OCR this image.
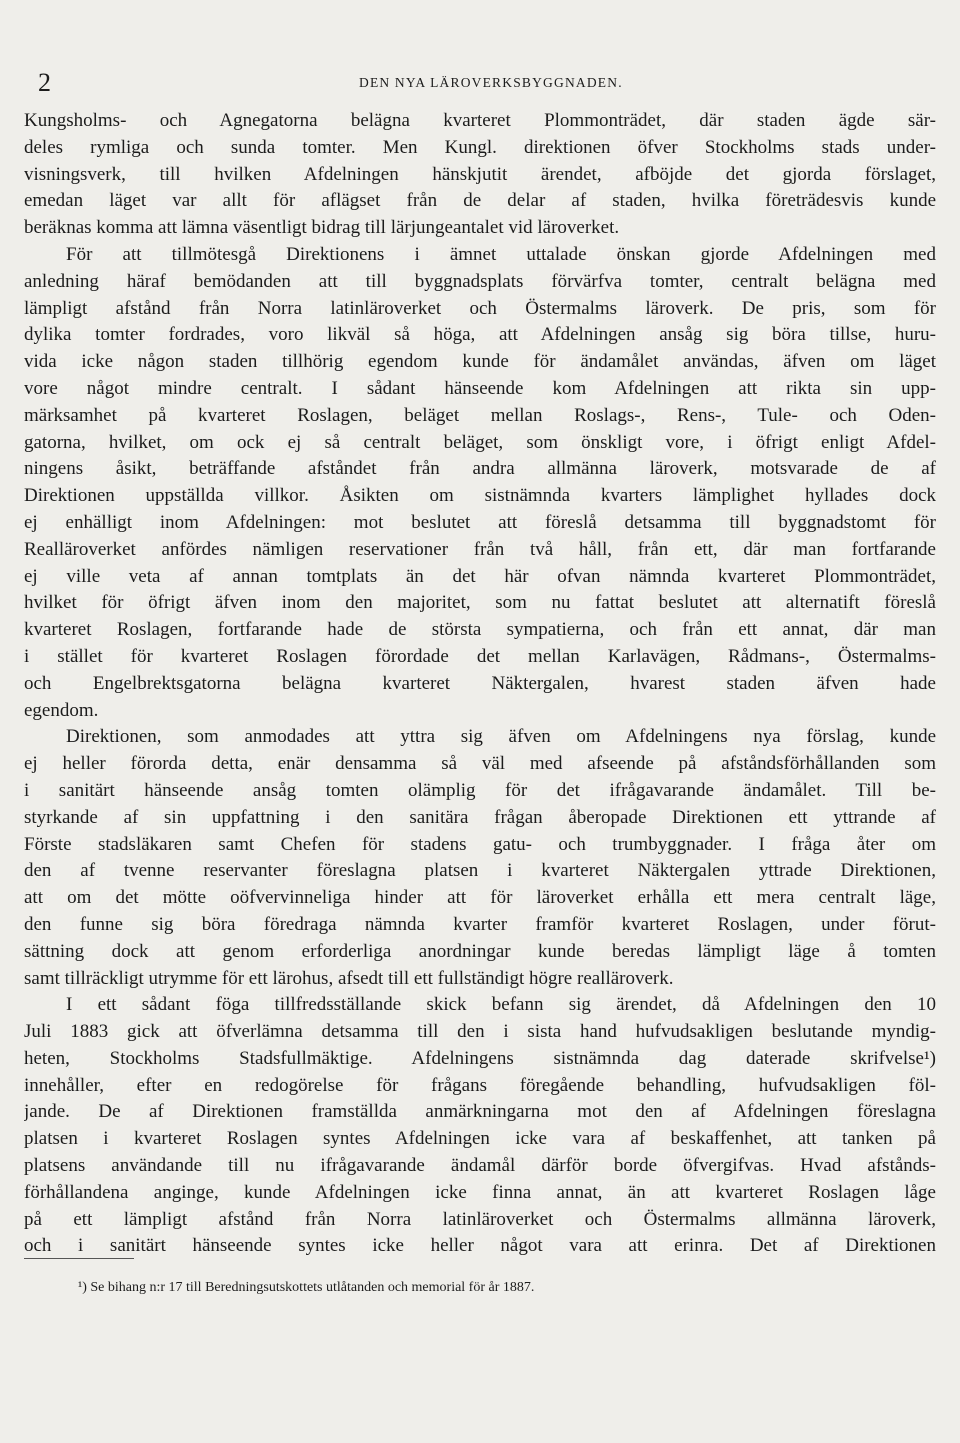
2	DEN NYA LÄROVERKSBYGGNADEN.
Kungsholms- och Agnegatorna belägna kvarteret Plommonträdet, där staden ägde sär-
deles rymliga och sunda tomter. Men Kungl. direktionen öfver Stockholms stads under-
visningsverk, till hvilken Afdelningen hänskjutit ärendet, afböjde det gjorda förslaget,
emedan läget var allt för aflägset från de delar af staden, hvilka företrädesvis kunde
beräknas komma att lämna väsentligt bidrag till lärjungeantalet vid läroverket.
För att tillmötesgå Direktionens i ämnet uttalade önskan gjorde Afdelningen med
anledning häraf bemödanden att till byggnadsplats förvärfva tomter, centralt belägna med
lämpligt afstånd från Norra latinläroverket och Östermalms läroverk. De pris, som för
dylika tomter fordrades, voro likväl så höga, att Afdelningen ansåg sig böra tillse, huru-
vida icke någon staden tillhörig egendom kunde för ändamålet användas, äfven om läget
vore något mindre centralt. I sådant hänseende kom Afdelningen att rikta sin upp-
märksamhet på kvarteret Roslagen, beläget mellan Roslags-, Rens-, Tule- och Oden-
gatorna, hvilket, om ock ej så centralt beläget, som önskligt vore, i öfrigt enligt Afdel-
ningens åsikt, beträffande afståndet från andra allmänna läroverk, motsvarade de af
Direktionen uppställda villkor. Åsikten om sistnämnda kvarters lämplighet hyllades dock
ej enhälligt inom Afdelningen: mot beslutet att föreslå detsamma till byggnadstomt för
Realläroverket anfördes nämligen reservationer från två håll, från ett, där man fortfarande
ej ville veta af annan tomtplats än det här ofvan nämnda kvarteret Plommonträdet,
hvilket för öfrigt äfven inom den majoritet, som nu fattat beslutet att alternatift föreslå
kvarteret Roslagen, fortfarande hade de största sympatierna, och från ett annat, där man
i stället för kvarteret Roslagen förordade det mellan Karlavägen, Rådmans-, Östermalms-
och Engelbrektsgatorna belägna kvarteret Näktergalen, hvarest staden äfven hade
egendom.
Direktionen, som anmodades att yttra sig äfven om Afdelningens nya förslag, kunde
ej heller förorda detta, enär densamma så väl med afseende på afståndsförhållanden som
i sanitärt hänseende ansåg tomten olämplig för det ifrågavarande ändamålet. Till be-
styrkande af sin uppfattning i den sanitära frågan åberopade Direktionen ett yttrande af
Förste stadsläkaren samt Chefen för stadens gatu- och trumbyggnader. I fråga åter om
den af tvenne reservanter föreslagna platsen i kvarteret Näktergalen yttrade Direktionen,
att om det mötte oöfvervinneliga hinder att för läroverket erhålla ett mera centralt läge,
den funne sig böra föredraga nämnda kvarter framför kvarteret Roslagen, under förut-
sättning dock att genom erforderliga anordningar kunde beredas lämpligt läge å tomten
samt tillräckligt utrymme för ett lärohus, afsedt till ett fullständigt högre realläroverk.
I ett sådant föga tillfredsställande skick befann sig ärendet, då Afdelningen den 10
Juli 1883 gick att öfverlämna detsamma till den i sista hand hufvudsakligen beslutande myndig-
heten, Stockholms Stadsfullmäktige. Afdelningens sistnämnda dag daterade skrifvelse¹)
innehåller, efter en redogörelse för frågans föregående behandling, hufvudsakligen föl-
jande. De af Direktionen framställda anmärkningarna mot den af Afdelningen föreslagna
platsen i kvarteret Roslagen syntes Afdelningen icke vara af beskaffenhet, att tanken på
platsens användande till nu ifrågavarande ändamål därför borde öfvergifvas. Hvad afstånds-
förhållandena anginge, kunde Afdelningen icke finna annat, än att kvarteret Roslagen låge
på ett lämpligt afstånd från Norra latinläroverket och Östermalms allmänna läroverk,
och i sanitärt hänseende syntes icke heller något vara att erinra. Det af Direktionen
¹) Se bihang n:r 17 till Beredningsutskottets utlåtanden och memorial för år 1887.
